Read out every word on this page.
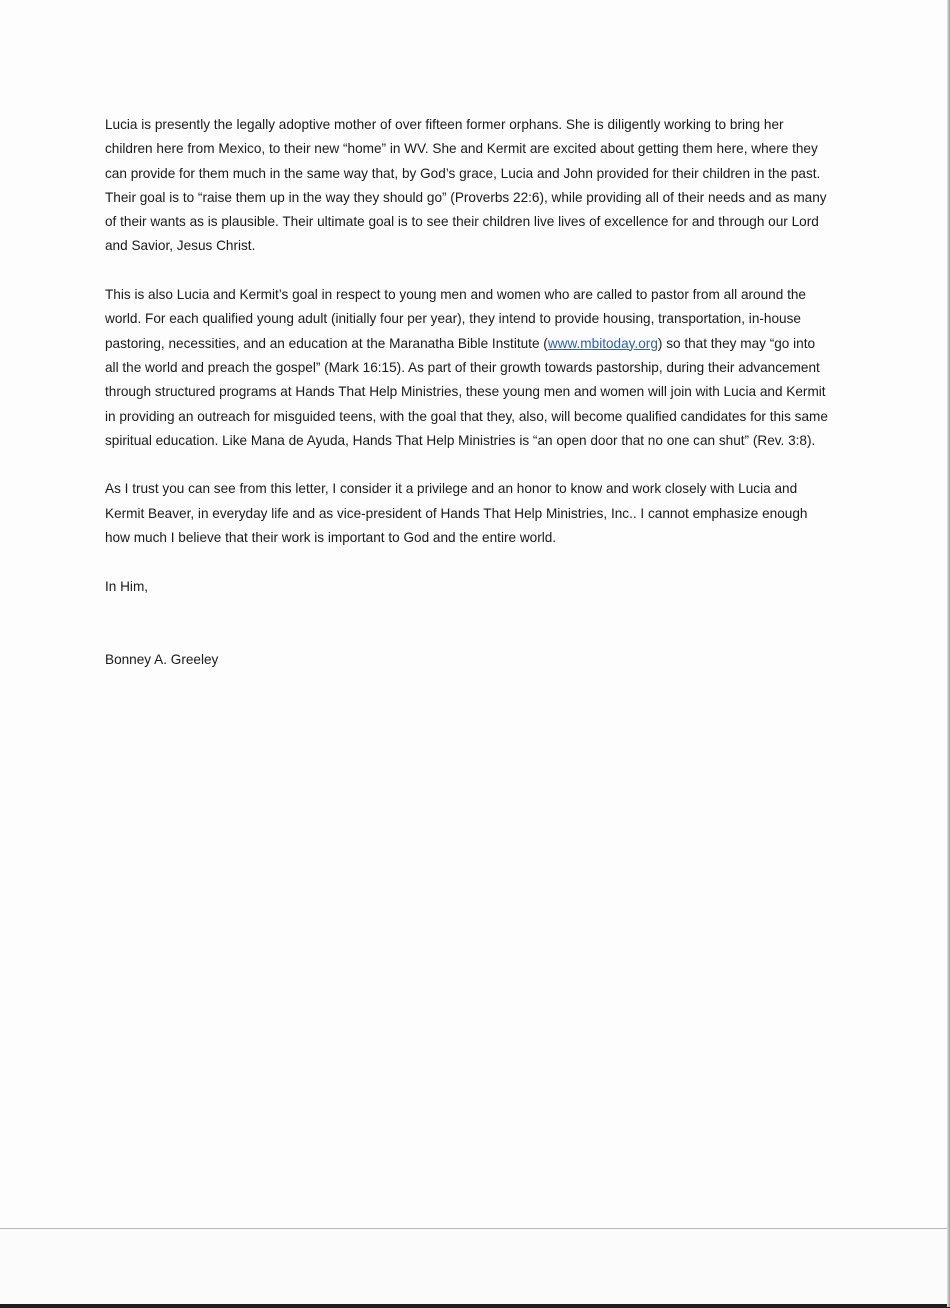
Lucia is presently the legally adoptive mother of over fifteen former orphans. She is diligently working to bring her children here from Mexico, to their new “home” in WV. She and Kermit are excited about getting them here, where they can provide for them much in the same way that, by God’s grace, Lucia and John provided for their children in the past. Their goal is to “raise them up in the way they should go” (Proverbs 22:6), while providing all of their needs and as many of their wants as is plausible. Their ultimate goal is to see their children live lives of excellence for and through our Lord and Savior, Jesus Christ.

This is also Lucia and Kermit’s goal in respect to young men and women who are called to pastor from all around the world. For each qualified young adult (initially four per year), they intend to provide housing, transportation, in-house pastoring, necessities, and an education at the Maranatha Bible Institute (www.mbitoday.org) so that they may “go into all the world and preach the gospel” (Mark 16:15). As part of their growth towards pastorship, during their advancement through structured programs at Hands That Help Ministries, these young men and women will join with Lucia and Kermit in providing an outreach for misguided teens, with the goal that they, also, will become qualified candidates for this same spiritual education. Like Mana de Ayuda, Hands That Help Ministries is “an open door that no one can shut” (Rev. 3:8).

As I trust you can see from this letter, I consider it a privilege and an honor to know and work closely with Lucia and Kermit Beaver, in everyday life and as vice-president of Hands That Help Ministries, Inc.. I cannot emphasize enough how much I believe that their work is important to God and the entire world.

In Him,

Bonney A. Greeley
